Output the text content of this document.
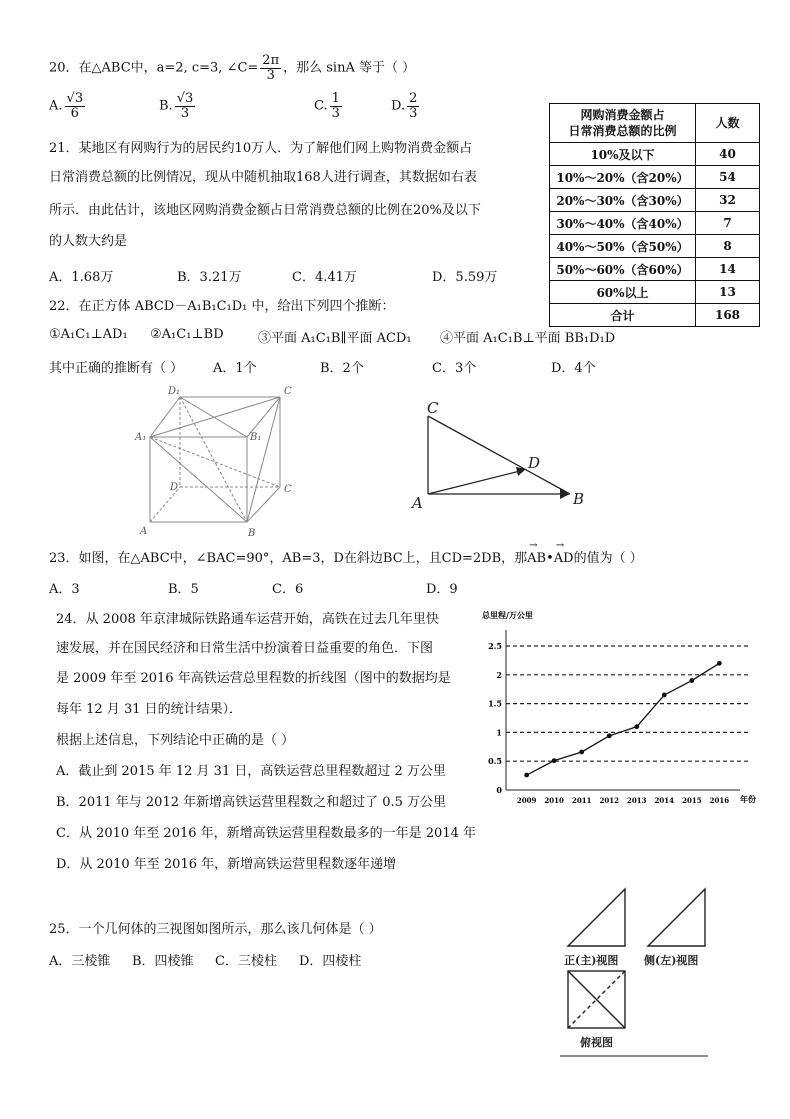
20．在△ABC中，a=2, c=3, ∠C= $\frac{2\pi}{3}$ ，那么 sinA 等于（ ）
A. $\frac{√3}{6}$	B. $\frac{√3}{3}$	C. $\frac{1}{3}$	D. $\frac{2}{3}$
21．某地区有网购行为的居民约10万人．为了解他们网上购物消费金额占
日常消费总额的比例情况，现从中随机抽取168人进行调查，其数据如右表
所示．由此估计，该地区网购消费金额占日常消费总额的比例在20%及以下
的人数大约是
A．1.68万	B．3.21万	C．4.41万	D．5.59万
网购消费金额占
日常消费总额的比例	人数
10%及以下	40
10%～20%（含20%）	54
20%～30%（含30%）	32
30%～40%（含40%）	7
40%～50%（含50%）	8
50%～60%（含60%）	14
60%以上	13
合计	168
22．在正方体 ABCD－A₁B₁C₁D₁ 中，给出下列四个推断：
①A₁C₁⊥AD₁ ②A₁C₁⊥BD	③平面 A₁C₁B∥平面 ACD₁ ④平面 A₁C₁B⊥平面 BB₁D₁D
其中正确的推断有（ ） A．1个	B．2个	C．3个	D．4个
D₁	C
A₁	B₁
D	C
A	B
C
D
A	B
23．如图，在△ABC中，∠BAC=90°，AB=3，D在斜边BC上，且CD=2DB，那→ AB•→ AD的值为（ ）
A．3	B．5	C．6	D．9
24．从 2008 年京津城际铁路通车运营开始，高铁在过去几年里快
速发展，并在国民经济和日常生活中扮演着日益重要的角色．下图
是 2009 年至 2016 年高铁运营总里程数的折线图（图中的数据均是
每年 12 月 31 日的统计结果）．
根据上述信息，下列结论中正确的是（ ）
A．截止到 2015 年 12 月 31 日，高铁运营总里程数超过 2 万公里
B．2011 年与 2012 年新增高铁运营里程数之和超过了 0.5 万公里
C．从 2010 年至 2016 年，新增高铁运营里程数最多的一年是 2014 年
D．从 2010 年至 2016 年，新增高铁运营里程数逐年递增
总里程/万公里
年份
0
0.5
1
1.5
2
2.5
2009 2010 2011 2012 2013 2014 2015 2016
25．一个几何体的三视图如图所示，那么该几何体是（ ）
A．三棱锥 B．四棱锥 C．三棱柱 D．四棱柱	正(主)视图 侧(左)视图
俯视图
